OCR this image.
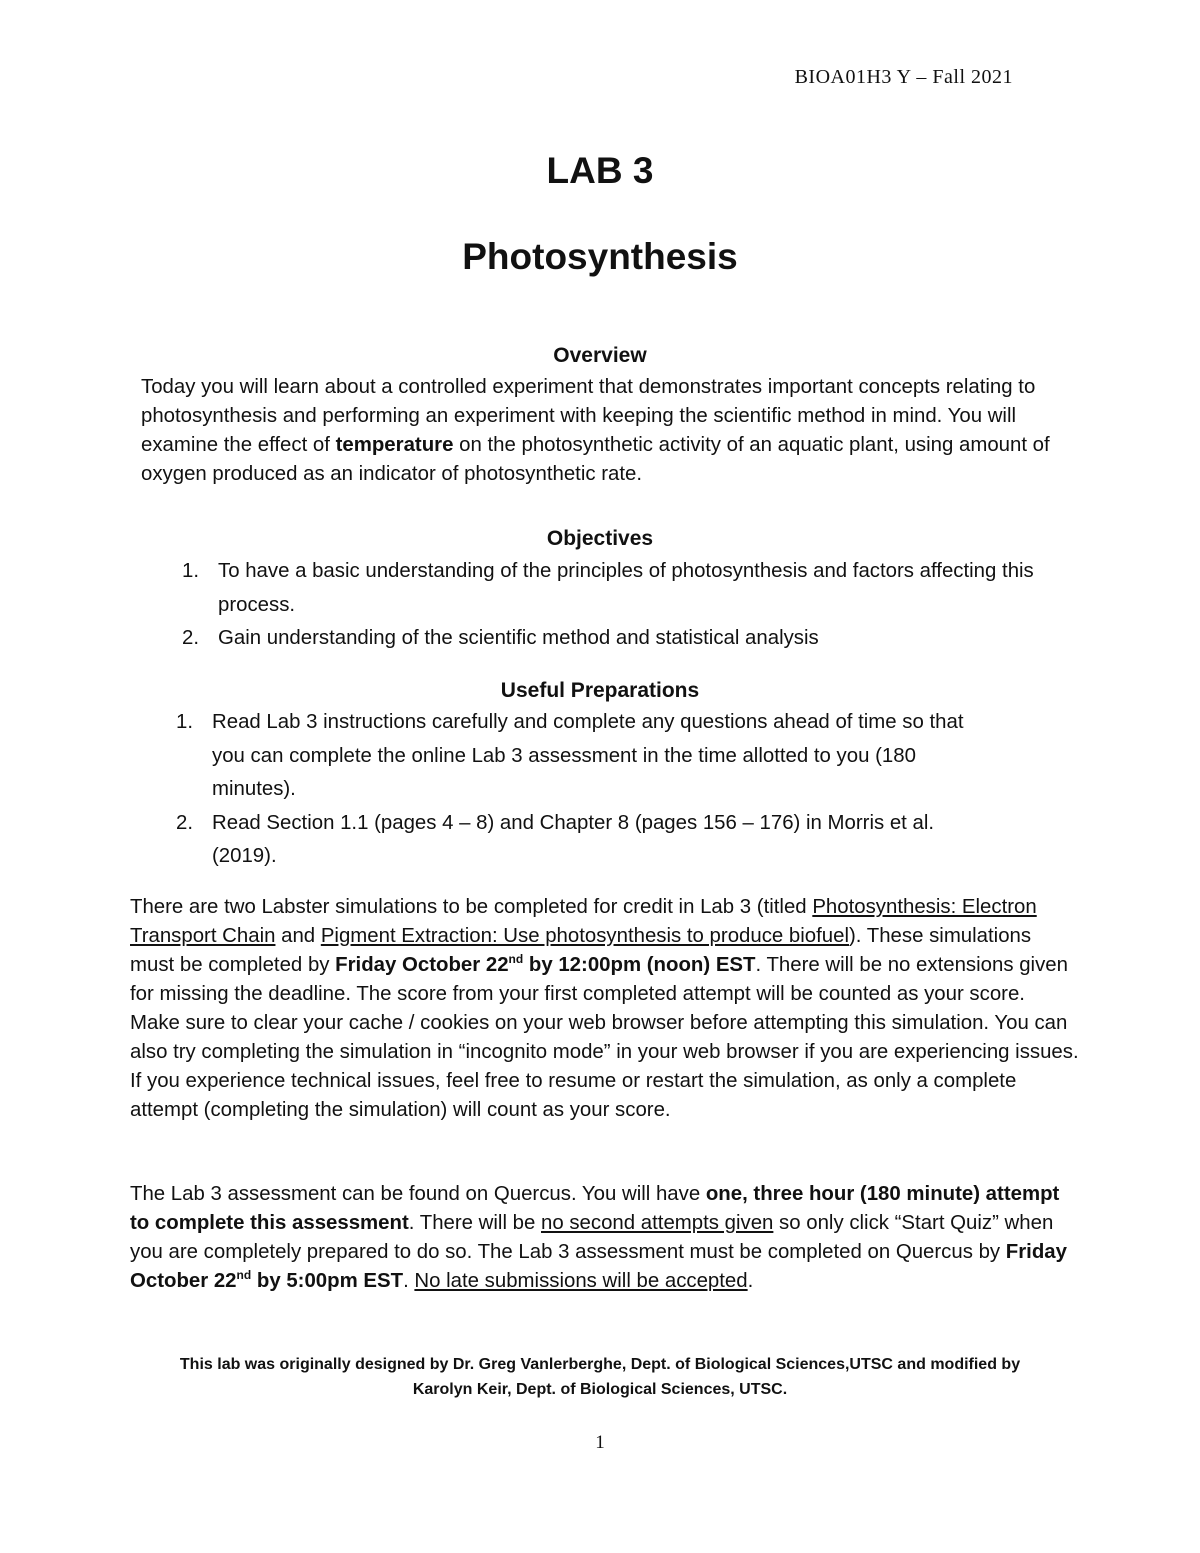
BIOA01H3 Y – Fall 2021
LAB 3
Photosynthesis
Overview
Today you will learn about a controlled experiment that demonstrates important concepts relating to photosynthesis and performing an experiment with keeping the scientific method in mind. You will examine the effect of temperature on the photosynthetic activity of an aquatic plant, using amount of oxygen produced as an indicator of photosynthetic rate.
Objectives
1. To have a basic understanding of the principles of photosynthesis and factors affecting this process.
2. Gain understanding of the scientific method and statistical analysis
Useful Preparations
1. Read Lab 3 instructions carefully and complete any questions ahead of time so that you can complete the online Lab 3 assessment in the time allotted to you (180 minutes).
2. Read Section 1.1 (pages 4 – 8) and Chapter 8 (pages 156 – 176) in Morris et al. (2019).
There are two Labster simulations to be completed for credit in Lab 3 (titled Photosynthesis: Electron Transport Chain and Pigment Extraction: Use photosynthesis to produce biofuel). These simulations must be completed by Friday October 22nd by 12:00pm (noon) EST. There will be no extensions given for missing the deadline. The score from your first completed attempt will be counted as your score. Make sure to clear your cache / cookies on your web browser before attempting this simulation. You can also try completing the simulation in “incognito mode” in your web browser if you are experiencing issues. If you experience technical issues, feel free to resume or restart the simulation, as only a complete attempt (completing the simulation) will count as your score.
The Lab 3 assessment can be found on Quercus. You will have one, three hour (180 minute) attempt to complete this assessment. There will be no second attempts given so only click “Start Quiz” when you are completely prepared to do so. The Lab 3 assessment must be completed on Quercus by Friday October 22nd by 5:00pm EST. No late submissions will be accepted.
This lab was originally designed by Dr. Greg Vanlerberghe, Dept. of Biological Sciences,UTSC and modified by
Karolyn Keir, Dept. of Biological Sciences, UTSC.
1
